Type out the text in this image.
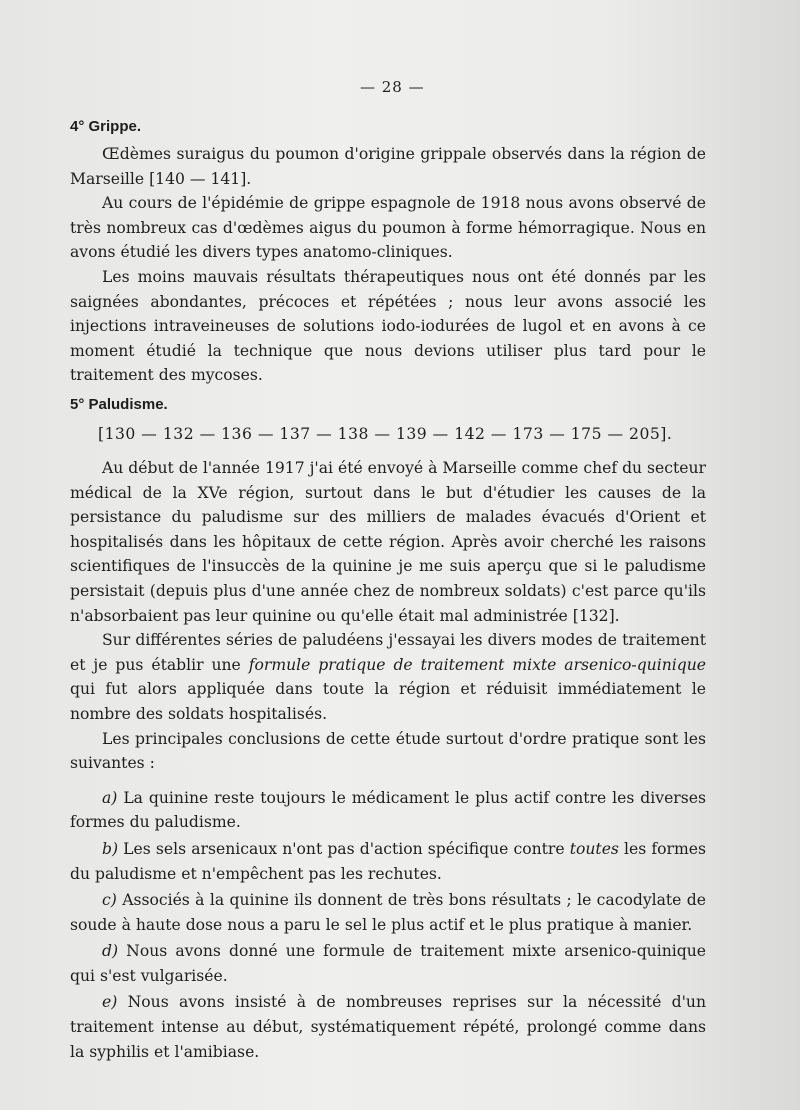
— 28 —
4° Grippe.

Œdèmes suraigus du poumon d'origine grippale observés dans la région de Marseille [140 — 141].

Au cours de l'épidémie de grippe espagnole de 1918 nous avons observé de très nombreux cas d'œdèmes aigus du poumon à forme hémorragique. Nous en avons étudié les divers types anatomo-cliniques.

Les moins mauvais résultats thérapeutiques nous ont été donnés par les saignées abondantes, précoces et répétées ; nous leur avons associé les injections intraveineuses de solutions iodo-iodurées de lugol et en avons à ce moment étudié la technique que nous devions utiliser plus tard pour le traitement des mycoses.

5° Paludisme.
[130 — 132 — 136 — 137 — 138 — 139 — 142 — 173 — 175 — 205].

Au début de l'année 1917 j'ai été envoyé à Marseille comme chef du secteur médical de la XVe région, surtout dans le but d'étudier les causes de la persistance du paludisme sur des milliers de malades évacués d'Orient et hospitalisés dans les hôpitaux de cette région. Après avoir cherché les raisons scientifiques de l'insuccès de la quinine je me suis aperçu que si le paludisme persistait (depuis plus d'une année chez de nombreux soldats) c'est parce qu'ils n'absorbaient pas leur quinine ou qu'elle était mal administrée [132].

Sur différentes séries de paludéens j'essayai les divers modes de traitement et je pus établir une formule pratique de traitement mixte arsenico-quinique qui fut alors appliquée dans toute la région et réduisit immédiatement le nombre des soldats hospitalisés.

Les principales conclusions de cette étude surtout d'ordre pratique sont les suivantes :

a) La quinine reste toujours le médicament le plus actif contre les diverses formes du paludisme.

b) Les sels arsenicaux n'ont pas d'action spécifique contre toutes les formes du paludisme et n'empêchent pas les rechutes.

c) Associés à la quinine ils donnent de très bons résultats ; le cacodylate de soude à haute dose nous a paru le sel le plus actif et le plus pratique à manier.

d) Nous avons donné une formule de traitement mixte arsenico-quinique qui s'est vulgarisée.

e) Nous avons insisté à de nombreuses reprises sur la nécessité d'un traitement intense au début, systématiquement répété, prolongé comme dans la syphilis et l'amibiase.
